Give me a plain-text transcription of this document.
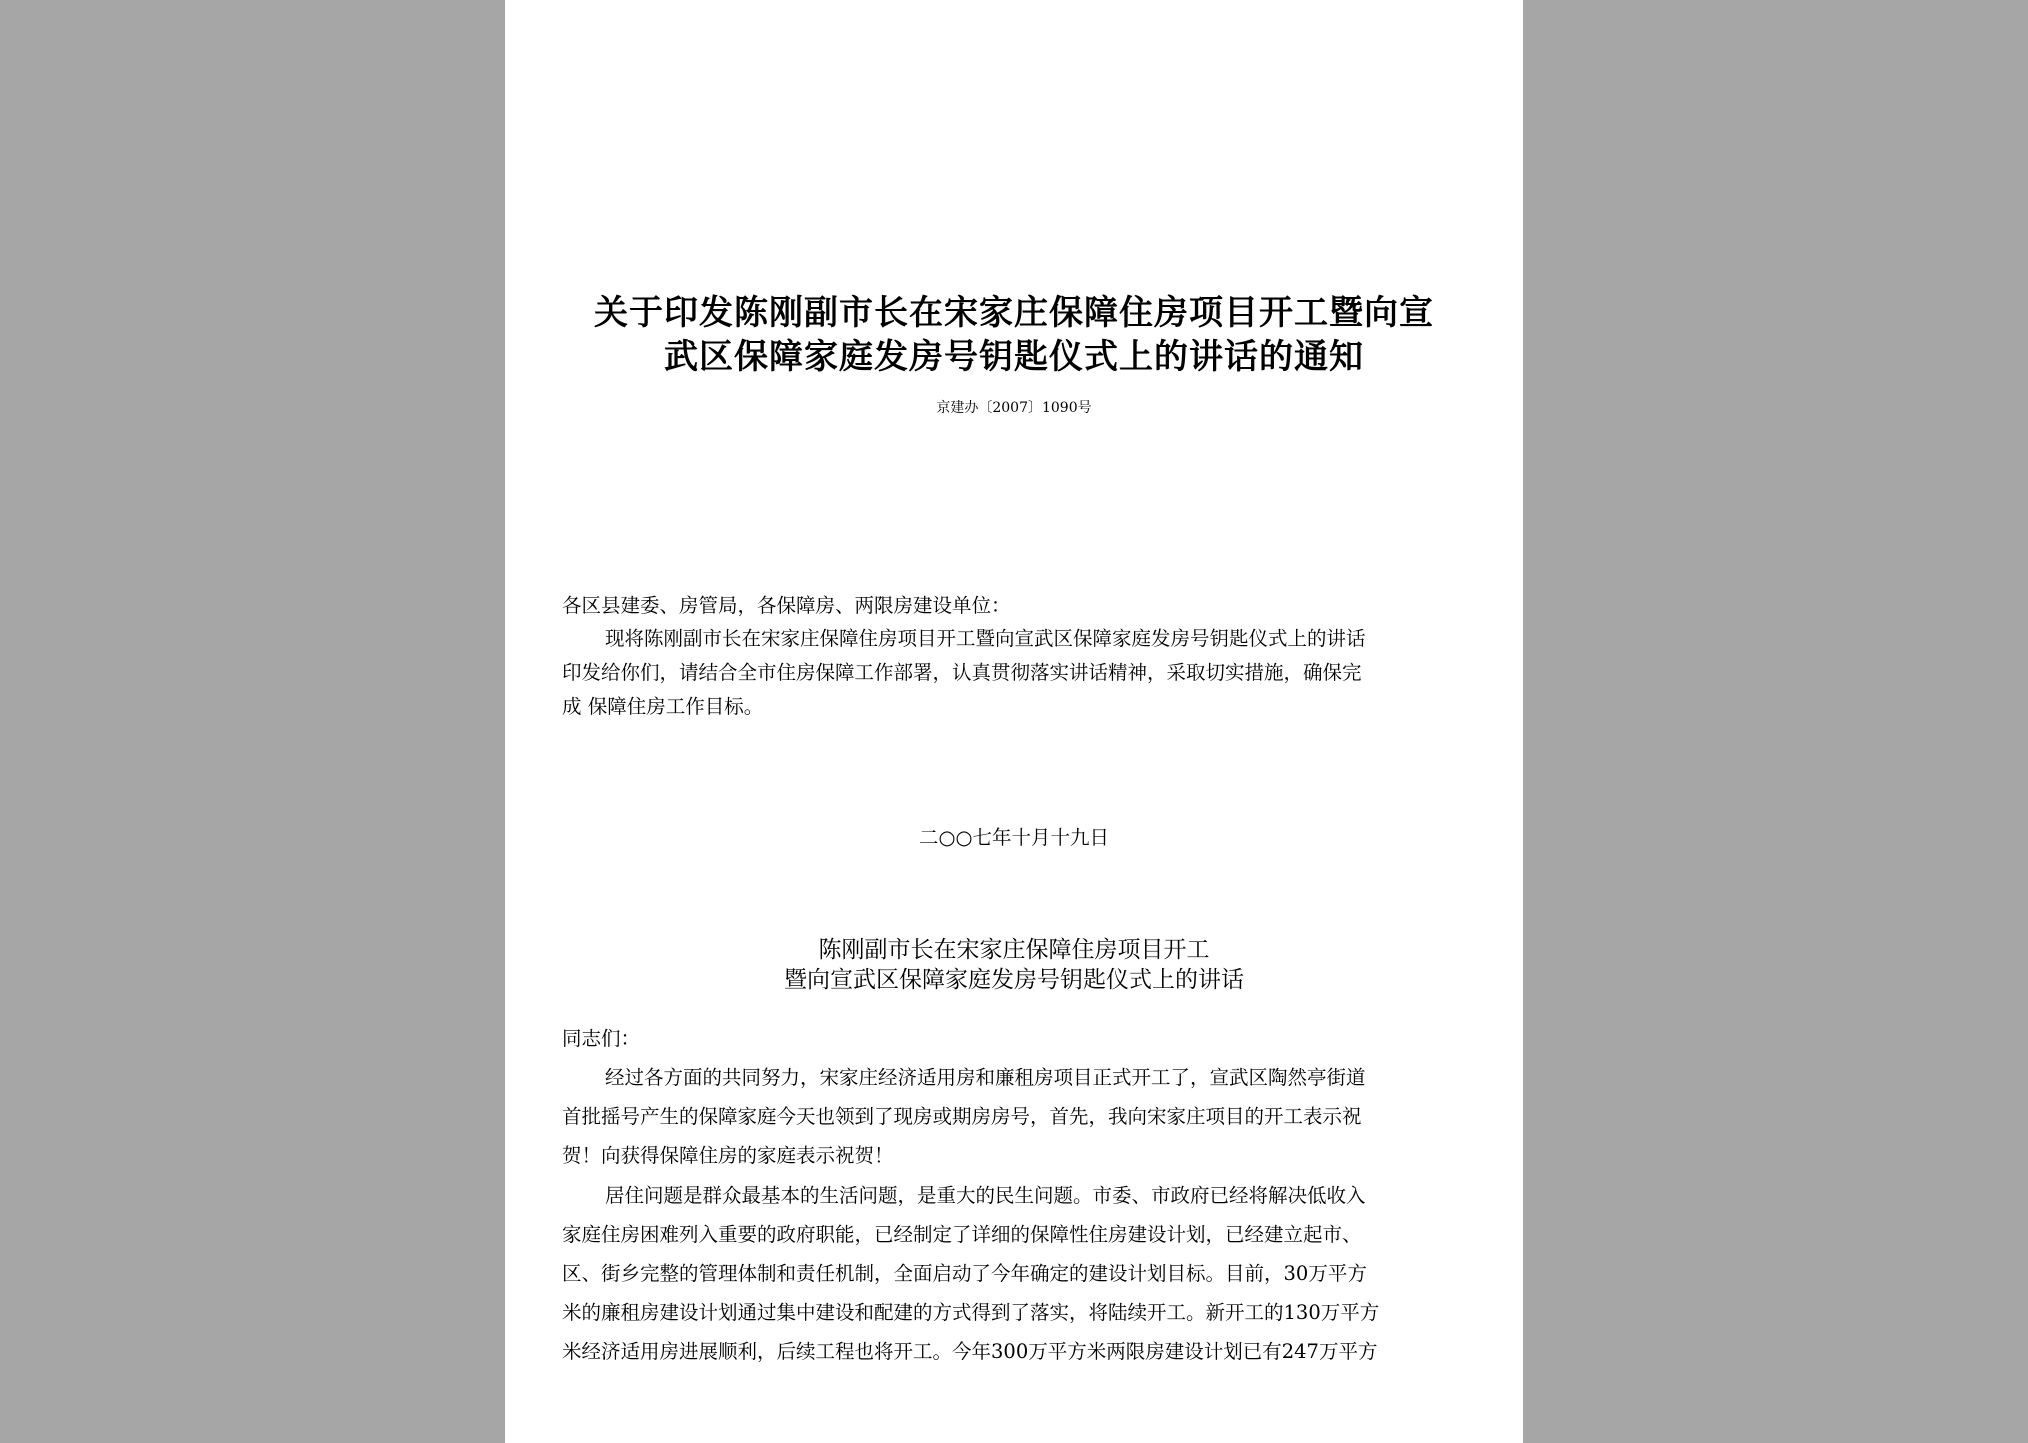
关于印发陈刚副市长在宋家庄保障住房项目开工暨向宣
武区保障家庭发房号钥匙仪式上的讲话的通知
京建办〔2007〕1090号
各区县建委、房管局，各保障房、两限房建设单位：
现将陈刚副市长在宋家庄保障住房项目开工暨向宣武区保障家庭发房号钥匙仪式上的讲话
印发给你们，请结合全市住房保障工作部署，认真贯彻落实讲话精神，采取切实措施，确保完
成 保障住房工作目标。
二○○七年十月十九日
陈刚副市长在宋家庄保障住房项目开工
暨向宣武区保障家庭发房号钥匙仪式上的讲话
同志们：
经过各方面的共同努力，宋家庄经济适用房和廉租房项目正式开工了，宣武区陶然亭街道
首批摇号产生的保障家庭今天也领到了现房或期房房号，首先，我向宋家庄项目的开工表示祝
贺！向获得保障住房的家庭表示祝贺！
居住问题是群众最基本的生活问题，是重大的民生问题。市委、市政府已经将解决低收入
家庭住房困难列入重要的政府职能，已经制定了详细的保障性住房建设计划，已经建立起市、
区、街乡完整的管理体制和责任机制，全面启动了今年确定的建设计划目标。目前，30万平方
米的廉租房建设计划通过集中建设和配建的方式得到了落实，将陆续开工。新开工的130万平方
米经济适用房进展顺利，后续工程也将开工。今年300万平方米两限房建设计划已有247万平方
